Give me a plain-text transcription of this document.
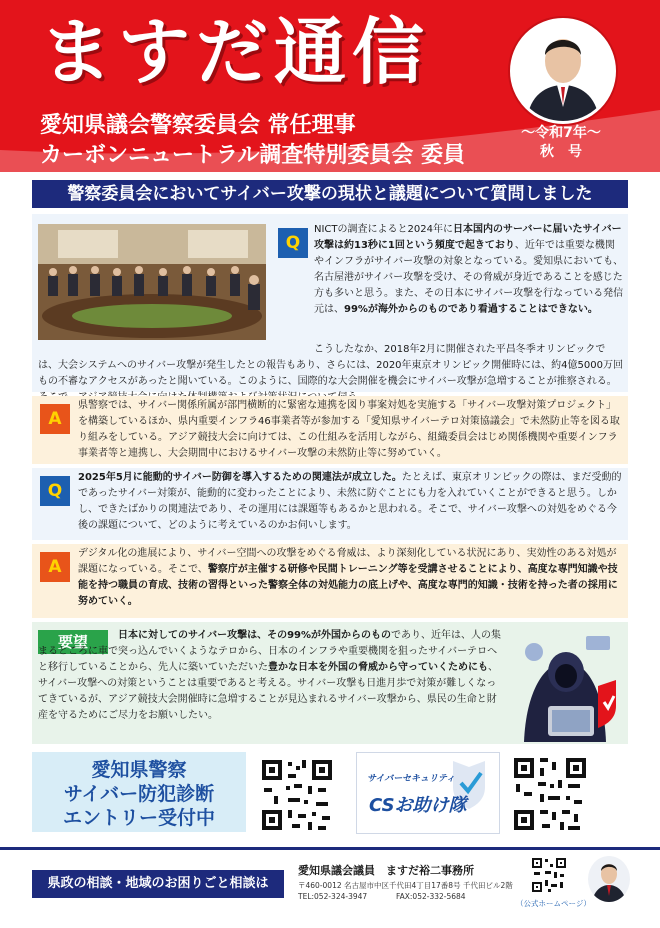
ますだ通信
愛知県議会警察委員会 常任理事
カーボンニュートラル調査特別委員会 委員
〜令和7年〜
秋　号
警察委員会においてサイバー攻撃の現状と議題について質問しました
Q
NICTの調査によると2024年に日本国内のサーバーに届いたサイバー攻撃は約13秒に1回という頻度で起きており、近年では重要な機関やインフラがサイバー攻撃の対象となっている。愛知県においても、名古屋港がサイバー攻撃を受け、その脅威が身近であることを感じた方も多いと思う。また、その日本にサイバー攻撃を行なっている発信元は、99%が海外からのものであり看過することはできない。
こうしたなか、2018年2月に開催された平昌冬季オリンピックでは、大会システムへのサイバー攻撃が発生したとの報告もあり、さらには、2020年東京オリンピック開催時には、約4億5000万回もの不審なアクセスがあったと聞いている。このように、国際的な大会開催を機会にサイバー攻撃が急増することが推察される。
A
県警察では、サイバー関係所属が部門横断的に緊密な連携を図り事案対処を実施する「サイバー攻撃対策プロジェクト」を構築しているほか、県内重要インフラ46事業者等が参加する「愛知県サイバーテロ対策協議会」で未然防止等を図る取り組みをしている。アジア競技大会に向けては、この仕組みを活用しながら、組織委員会はじめ関係機関や重要インフラ事業者等と連携し、大会期間中におけるサイバー攻撃の未然防止等に努めていく。
Q
2025年5月に能動的サイバー防御を導入するための関連法が成立した。たとえば、東京オリンピックの際は、まだ受動的であったサイバー対策が、能動的に変わったことにより、未然に防ぐことにも力を入れていくことができると思う。しかし、できたばかりの関連法であり、その運用には課題等もあるかと思われる。そこで、サイバー攻撃への対処をめぐる今後の課題について、どのように考えているのかお伺いします。
A
デジタル化の進展により、サイバー空間への攻撃をめぐる脅威は、より深刻化している状況にあり、実効性のある対処が課題になっている。そこで、警察庁が主催する研修や民間トレーニング等を受講させることにより、高度な専門知識や技能を持つ職員の育成、技術の習得といった警察全体の対処能力の底上げや、高度な専門的知識・技術を持った者の採用に努めていく。
要望	日本に対してのサイバー攻撃は、その99%が外国からのものであり、近年は、人の集まるところに車で突っ込んでいくようなテロから、日本のインフラや重要機関を狙ったサイバーテロへと移行していることから、先人に築いていただいた豊かな日本を外国の脅威から守っていくためにも、サイバー攻撃への対策ということは重要であると考える。サイバー攻撃も日進月歩で対策が難しくなってきているが、アジア競技大会開催時に急増することが見込まれるサイバー攻撃から、県民の生命と財産を守るためにご尽力をお願いしたい。
愛知県警察
サイバー防犯診断
エントリー受付中
サイバーセキュリティ
CSお助け隊
県政の相談・地域のお困りごと相談は
愛知県議会議員　ますだ裕二事務所
〒460-0012 名古屋市中区千代田4丁目17番8号 千代田ビル2階
TEL:052-324-3947	FAX:052-332-5684
（公式ホームページ）
